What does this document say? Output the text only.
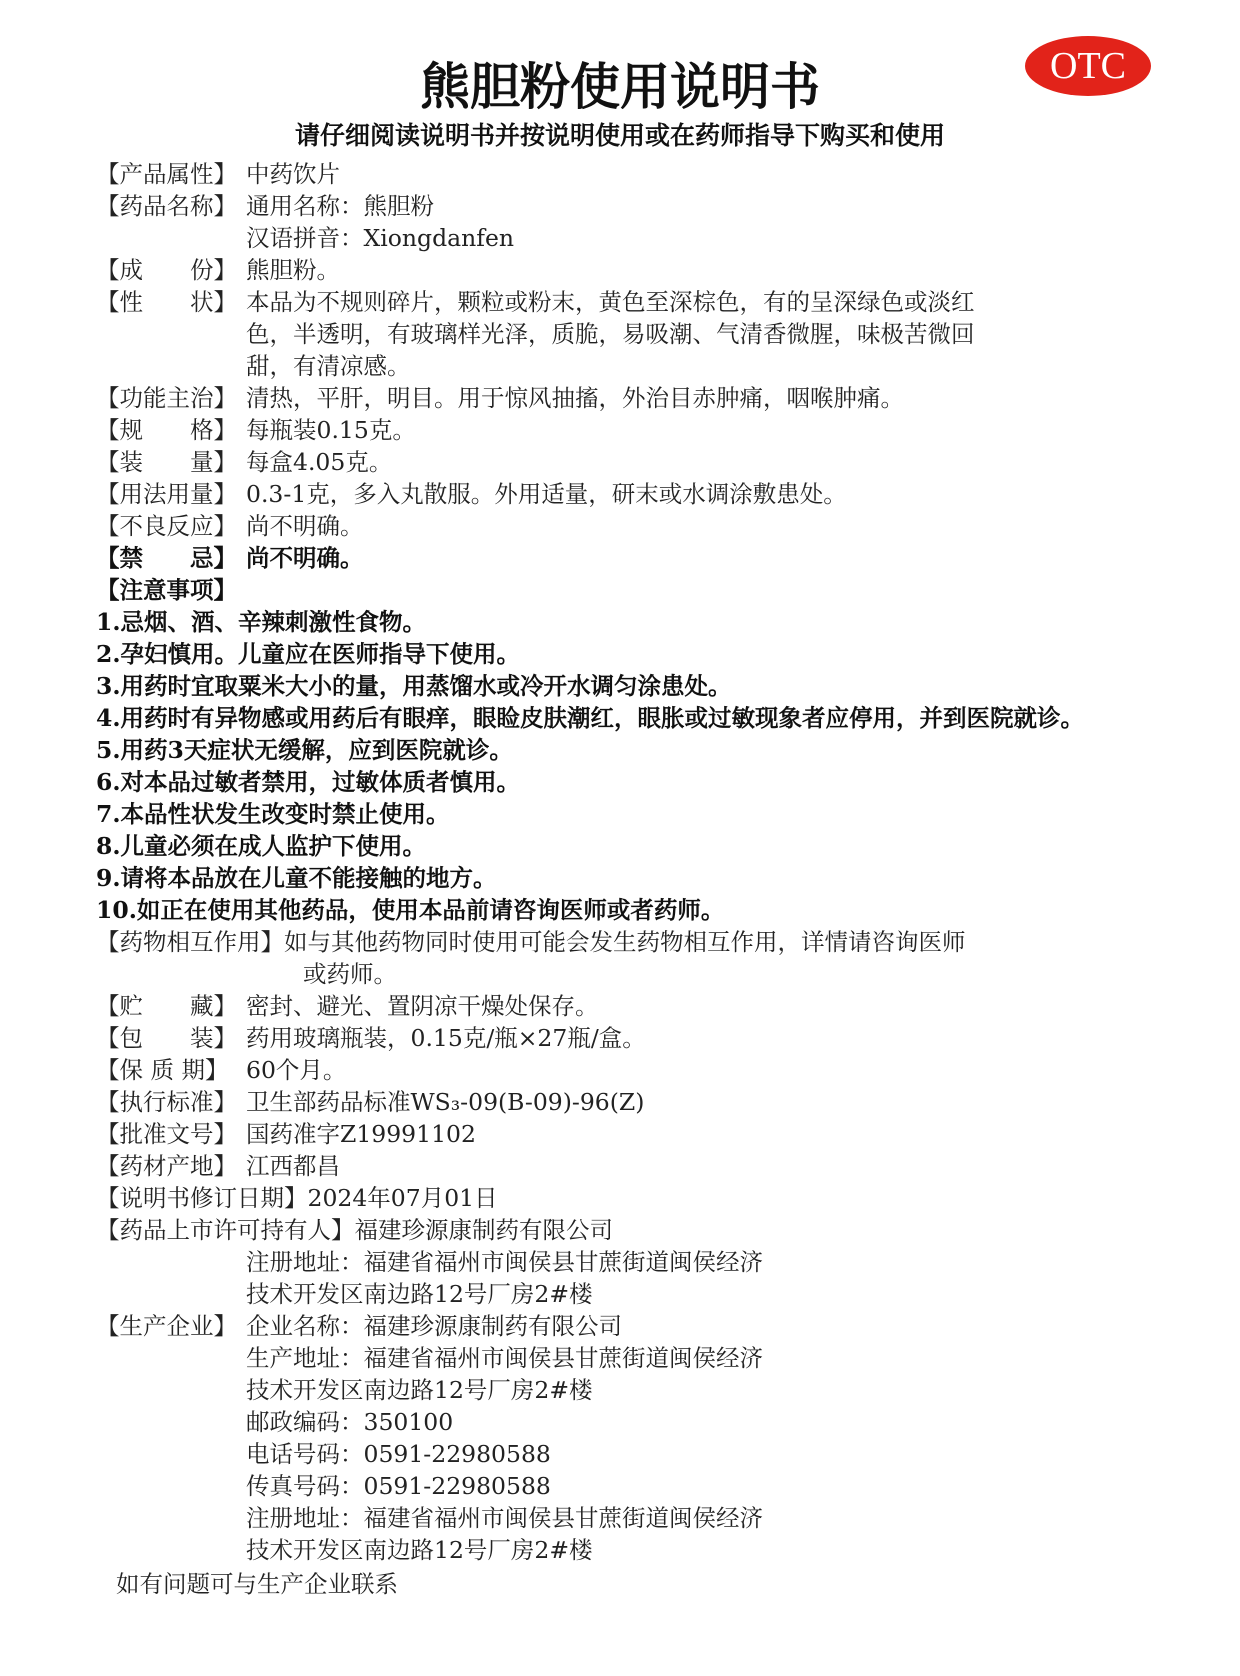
OTC
熊胆粉使用说明书
请仔细阅读说明书并按说明使用或在药师指导下购买和使用
【产品属性】 中药饮片
【药品名称】 通用名称：熊胆粉
汉语拼音：Xiongdanfen
【成　　份】 熊胆粉。
【性　　状】 本品为不规则碎片，颗粒或粉末，黄色至深棕色，有的呈深绿色或淡红
色，半透明，有玻璃样光泽，质脆，易吸潮、气清香微腥，味极苦微回
甜，有清凉感。
【功能主治】 清热，平肝，明目。用于惊风抽搐，外治目赤肿痛，咽喉肿痛。
【规　　格】 每瓶装0.15克。
【装　　量】 每盒4.05克。
【用法用量】 0.3-1克，多入丸散服。外用适量，研末或水调涂敷患处。
【不良反应】 尚不明确。
【禁　　忌】 尚不明确。
【注意事项】
1.忌烟、酒、辛辣刺激性食物。
2.孕妇慎用。儿童应在医师指导下使用。
3.用药时宜取粟米大小的量，用蒸馏水或冷开水调匀涂患处。
4.用药时有异物感或用药后有眼痒，眼睑皮肤潮红，眼胀或过敏现象者应停用，并到医院就诊。
5.用药3天症状无缓解，应到医院就诊。
6.对本品过敏者禁用，过敏体质者慎用。
7.本品性状发生改变时禁止使用。
8.儿童必须在成人监护下使用。
9.请将本品放在儿童不能接触的地方。
10.如正在使用其他药品，使用本品前请咨询医师或者药师。
【药物相互作用】 如与其他药物同时使用可能会发生药物相互作用，详情请咨询医师
或药师。
【贮　　藏】 密封、避光、置阴凉干燥处保存。
【包　　装】 药用玻璃瓶装，0.15克/瓶×27瓶/盒。
【保 质 期】 60个月。
【执行标准】 卫生部药品标准WS₃-09(B-09)-96(Z)
【批准文号】 国药准字Z19991102
【药材产地】 江西都昌
【说明书修订日期】 2024年07月01日
【药品上市许可持有人】 福建珍源康制药有限公司
注册地址：福建省福州市闽侯县甘蔗街道闽侯经济
技术开发区南边路12号厂房2#楼
【生产企业】 企业名称：福建珍源康制药有限公司
生产地址：福建省福州市闽侯县甘蔗街道闽侯经济
技术开发区南边路12号厂房2#楼
邮政编码：350100
电话号码：0591-22980588
传真号码：0591-22980588
注册地址：福建省福州市闽侯县甘蔗街道闽侯经济
技术开发区南边路12号厂房2#楼
如有问题可与生产企业联系
